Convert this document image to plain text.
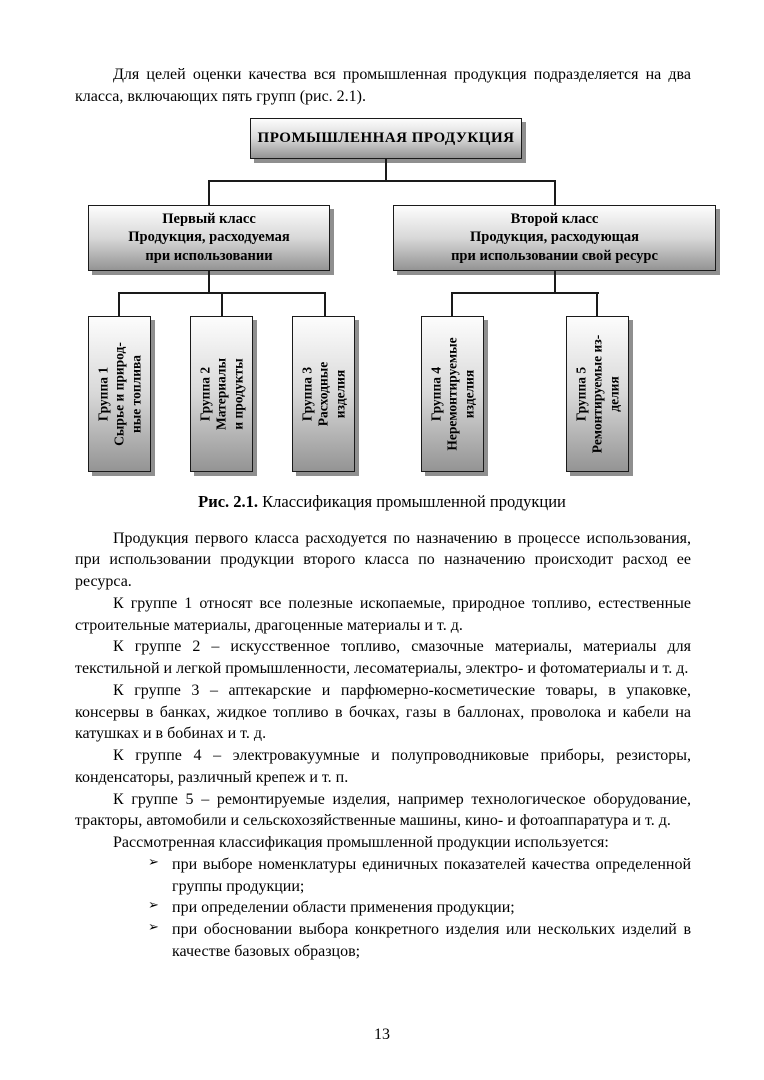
Для целей оценки качества вся промышленная продукция подразделяется на два класса, включающих пять групп (рис. 2.1).

ПРОМЫШЛЕННАЯ ПРОДУКЦИЯ
Первый класс
Продукция, расходуемая
при использовании
Второй класс
Продукция, расходующая
при использовании свой ресурс
Группа 1 Сырье и природ- ные топлива	Группа 2 Материалы и продукты	Группа 3 Расходные изделия	Группа 4 Неремонтируемые изделия	Группа 5 Ремонтируемые из- делия
Рис. 2.1. Классификация промышленной продукции

Продукция первого класса расходуется по назначению в процессе использования, при использовании продукции второго класса по назначению происходит расход ее ресурса.

К группе 1 относят все полезные ископаемые, природное топливо, естественные строительные материалы, драгоценные материалы и т. д.

К группе 2 – искусственное топливо, смазочные материалы, материалы для текстильной и легкой промышленности, лесоматериалы, электро- и фотоматериалы и т. д.

К группе 3 – аптекарские и парфюмерно-косметические товары, в упаковке, консервы в банках, жидкое топливо в бочках, газы в баллонах, проволока и кабели на катушках и в бобинах и т. д.

К группе 4 – электровакуумные и полупроводниковые приборы, резисторы, конденсаторы, различный крепеж и т. п.

К группе 5 – ремонтируемые изделия, например технологическое оборудование, тракторы, автомобили и сельскохозяйственные машины, кино- и фотоаппаратура и т. д.

Рассмотренная классификация промышленной продукции используется:

➢ при выборе номенклатуры единичных показателей качества определенной группы продукции;
➢ при определении области применения продукции;
➢ при обосновании выбора конкретного изделия или нескольких изделий в качестве базовых образцов;
13
